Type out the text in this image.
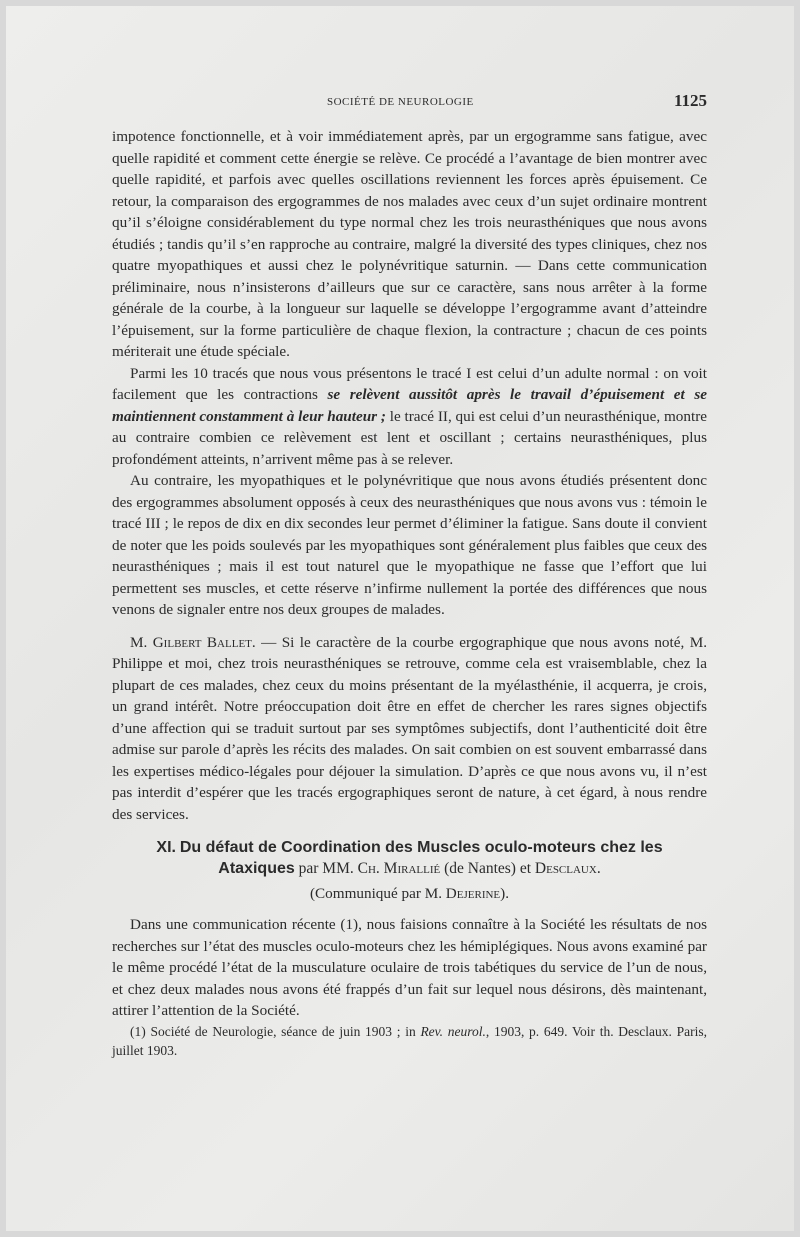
SOCIÉTÉ DE NEUROLOGIE	1125

impotence fonctionnelle, et à voir immédiatement après, par un ergogramme sans fatigue, avec quelle rapidité et comment cette énergie se relève. Ce procédé a l’avantage de bien montrer avec quelle rapidité, et parfois avec quelles oscillations reviennent les forces après épuisement. Ce retour, la comparaison des ergogrammes de nos malades avec ceux d’un sujet ordinaire montrent qu’il s’éloigne considérablement du type normal chez les trois neurasthéniques que nous avons étudiés ; tandis qu’il s’en rapproche au contraire, malgré la diversité des types cliniques, chez nos quatre myopathiques et aussi chez le polynévritique saturnin. — Dans cette communication préliminaire, nous n’insisterons d’ailleurs que sur ce caractère, sans nous arrêter à la forme générale de la courbe, à la longueur sur laquelle se développe l’ergogramme avant d’atteindre l’épuisement, sur la forme particulière de chaque flexion, la contracture ; chacun de ces points mériterait une étude spéciale.

Parmi les 10 tracés que nous vous présentons le tracé I est celui d’un adulte normal : on voit facilement que les contractions se relèvent aussitôt après le travail d’épuisement et se maintiennent constamment à leur hauteur ; le tracé II, qui est celui d’un neurasthénique, montre au contraire combien ce relèvement est lent et oscillant ; certains neurasthéniques, plus profondément atteints, n’arrivent même pas à se relever.

Au contraire, les myopathiques et le polynévritique que nous avons étudiés présentent donc des ergogrammes absolument opposés à ceux des neurasthéniques que nous avons vus : témoin le tracé III ; le repos de dix en dix secondes leur permet d’éliminer la fatigue. Sans doute il convient de noter que les poids soulevés par les myopathiques sont généralement plus faibles que ceux des neurasthéniques ; mais il est tout naturel que le myopathique ne fasse que l’effort que lui permettent ses muscles, et cette réserve n’infirme nullement la portée des différences que nous venons de signaler entre nos deux groupes de malades.

M. Gilbert Ballet. — Si le caractère de la courbe ergographique que nous avons noté, M. Philippe et moi, chez trois neurasthéniques se retrouve, comme cela est vraisemblable, chez la plupart de ces malades, chez ceux du moins présentant de la myélasthénie, il acquerra, je crois, un grand intérêt. Notre préoccupation doit être en effet de chercher les rares signes objectifs d’une affection qui se traduit surtout par ses symptômes subjectifs, dont l’authenticité doit être admise sur parole d’après les récits des malades. On sait combien on est souvent embarrassé dans les expertises médico-légales pour déjouer la simulation. D’après ce que nous avons vu, il n’est pas interdit d’espérer que les tracés ergographiques seront de nature, à cet égard, à nous rendre des services.

XI. Du défaut de Coordination des Muscles oculo-moteurs chez les
Ataxiques par MM. Ch. Mirallié (de Nantes) et Desclaux.
(Communiqué par M. Dejerine).

Dans une communication récente (1), nous faisions connaître à la Société les résultats de nos recherches sur l’état des muscles oculo-moteurs chez les hémiplégiques. Nous avons examiné par le même procédé l’état de la musculature oculaire de trois tabétiques du service de l’un de nous, et chez deux malades nous avons été frappés d’un fait sur lequel nous désirons, dès maintenant, attirer l’attention de la Société.

(1) Société de Neurologie, séance de juin 1903 ; in Rev. neurol., 1903, p. 649. Voir th. Desclaux. Paris, juillet 1903.
